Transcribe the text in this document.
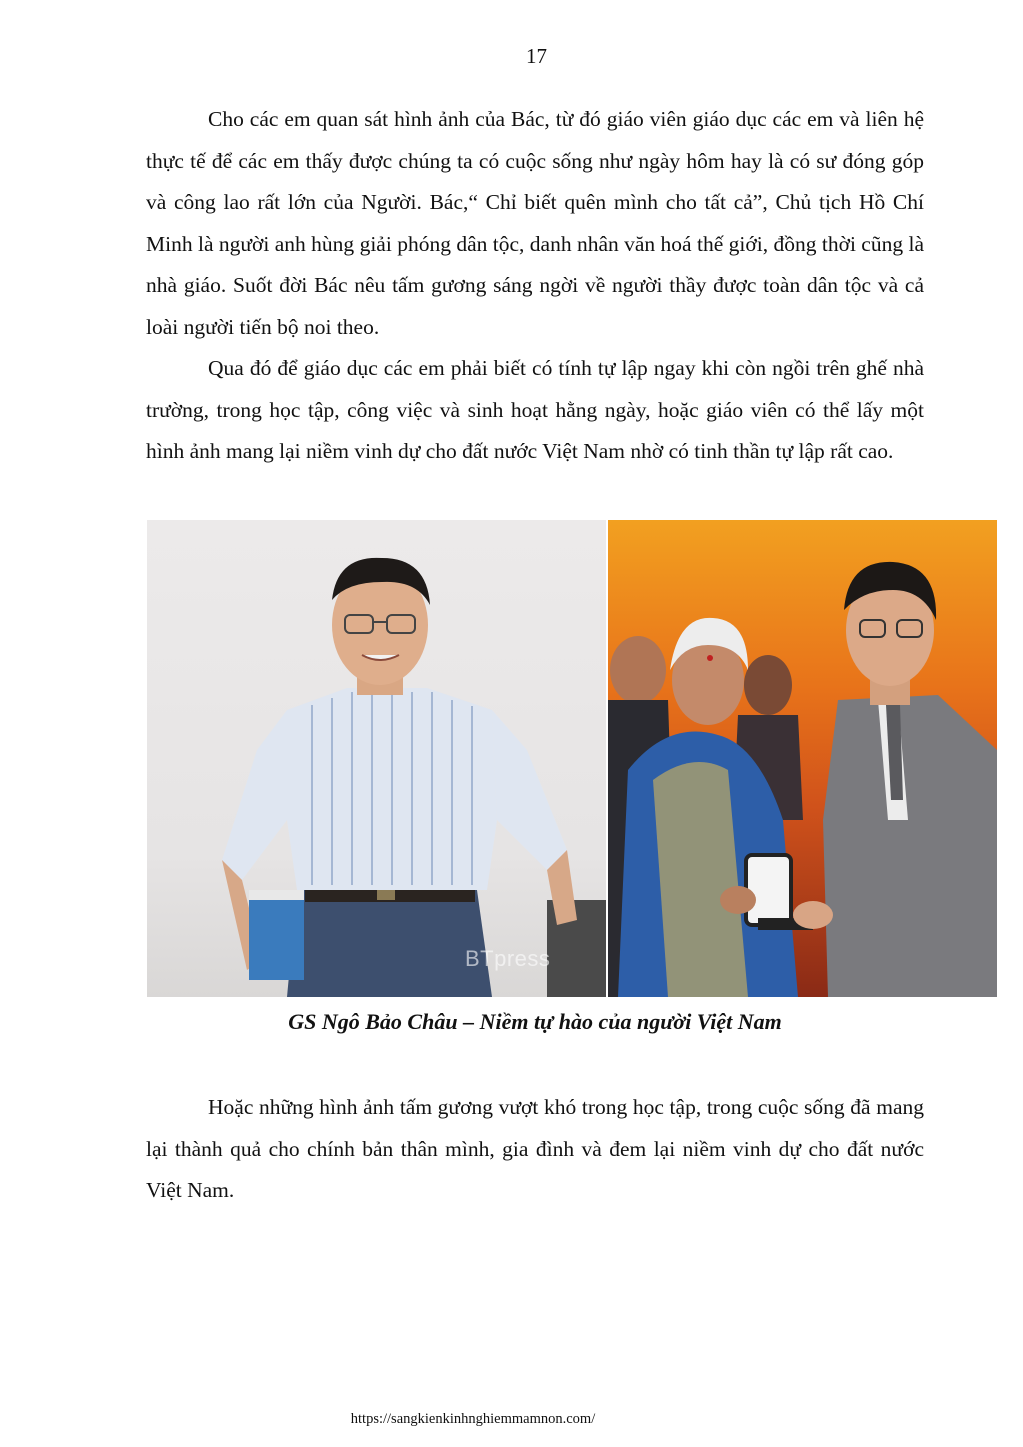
17

Cho các em quan sát hình ảnh của Bác, từ đó giáo viên giáo dục các em và liên hệ thực tế để các em thấy được chúng ta có cuộc sống như ngày hôm hay là có sư đóng góp và công lao rất lớn của Người. Bác,“ Chỉ biết quên mình cho tất cả”, Chủ tịch Hồ Chí Minh là người anh hùng giải phóng dân tộc, danh nhân văn hoá thế giới, đồng thời cũng là nhà giáo. Suốt đời Bác nêu tấm gương sáng ngời về người thầy được toàn dân tộc và cả loài người tiến bộ noi theo.

Qua đó để giáo dục các em phải biết có tính tự lập ngay khi còn ngồi trên ghế nhà trường, trong học tập, công việc và sinh hoạt hằng ngày, hoặc giáo viên có thể lấy một hình ảnh mang lại niềm vinh dự cho đất nước Việt Nam nhờ có tinh thần tự lập rất cao.

BTpress
GS Ngô Bảo Châu – Niềm tự hào của người Việt Nam

Hoặc những hình ảnh tấm gương vượt khó trong học tập, trong cuộc sống đã mang lại thành quả cho chính bản thân mình, gia đình và đem lại niềm vinh dự cho đất nước Việt Nam.

https://sangkienkinhnghiemmamnon.com/
